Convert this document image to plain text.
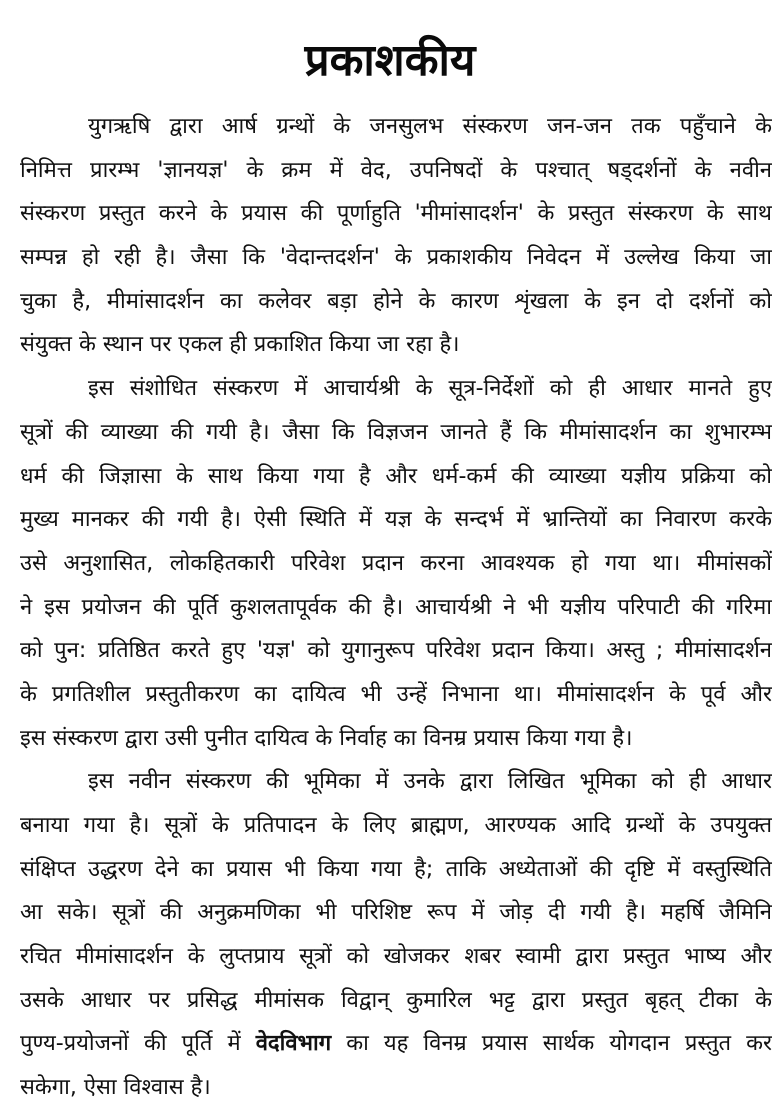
प्रकाशकीय
युगऋषि द्वारा आर्ष ग्रन्थों के जनसुलभ संस्करण जन-जन तक पहुँचाने के
निमित्त प्रारम्भ 'ज्ञानयज्ञ' के क्रम में वेद, उपनिषदों के पश्चात् षड्दर्शनों के नवीन
संस्करण प्रस्तुत करने के प्रयास की पूर्णाहुति 'मीमांसादर्शन' के प्रस्तुत संस्करण के साथ
सम्पन्न हो रही है। जैसा कि 'वेदान्तदर्शन' के प्रकाशकीय निवेदन में उल्लेख किया जा
चुका है, मीमांसादर्शन का कलेवर बड़ा होने के कारण शृंखला के इन दो दर्शनों को
संयुक्त के स्थान पर एकल ही प्रकाशित किया जा रहा है।
इस संशोधित संस्करण में आचार्यश्री के सूत्र-निर्देशों को ही आधार मानते हुए
सूत्रों की व्याख्या की गयी है। जैसा कि विज्ञजन जानते हैं कि मीमांसादर्शन का शुभारम्भ
धर्म की जिज्ञासा के साथ किया गया है और धर्म-कर्म की व्याख्या यज्ञीय प्रक्रिया को
मुख्य मानकर की गयी है। ऐसी स्थिति में यज्ञ के सन्दर्भ में भ्रान्तियों का निवारण करके
उसे अनुशासित, लोकहितकारी परिवेश प्रदान करना आवश्यक हो गया था। मीमांसकों
ने इस प्रयोजन की पूर्ति कुशलतापूर्वक की है। आचार्यश्री ने भी यज्ञीय परिपाटी की गरिमा
को पुन: प्रतिष्ठित करते हुए 'यज्ञ' को युगानुरूप परिवेश प्रदान किया। अस्तु ; मीमांसादर्शन
के प्रगतिशील प्रस्तुतीकरण का दायित्व भी उन्हें निभाना था। मीमांसादर्शन के पूर्व और
इस संस्करण द्वारा उसी पुनीत दायित्व के निर्वाह का विनम्र प्रयास किया गया है।
इस नवीन संस्करण की भूमिका में उनके द्वारा लिखित भूमिका को ही आधार
बनाया गया है। सूत्रों के प्रतिपादन के लिए ब्राह्मण, आरण्यक आदि ग्रन्थों के उपयुक्त
संक्षिप्त उद्धरण देने का प्रयास भी किया गया है; ताकि अध्येताओं की दृष्टि में वस्तुस्थिति
आ सके। सूत्रों की अनुक्रमणिका भी परिशिष्ट रूप में जोड़ दी गयी है। महर्षि जैमिनि
रचित मीमांसादर्शन के लुप्तप्राय सूत्रों को खोजकर शबर स्वामी द्वारा प्रस्तुत भाष्य और
उसके आधार पर प्रसिद्ध मीमांसक विद्वान् कुमारिल भट्ट द्वारा प्रस्तुत बृहत् टीका के
पुण्य-प्रयोजनों की पूर्ति में वेदविभाग का यह विनम्र प्रयास सार्थक योगदान प्रस्तुत कर
सकेगा, ऐसा विश्वास है।
